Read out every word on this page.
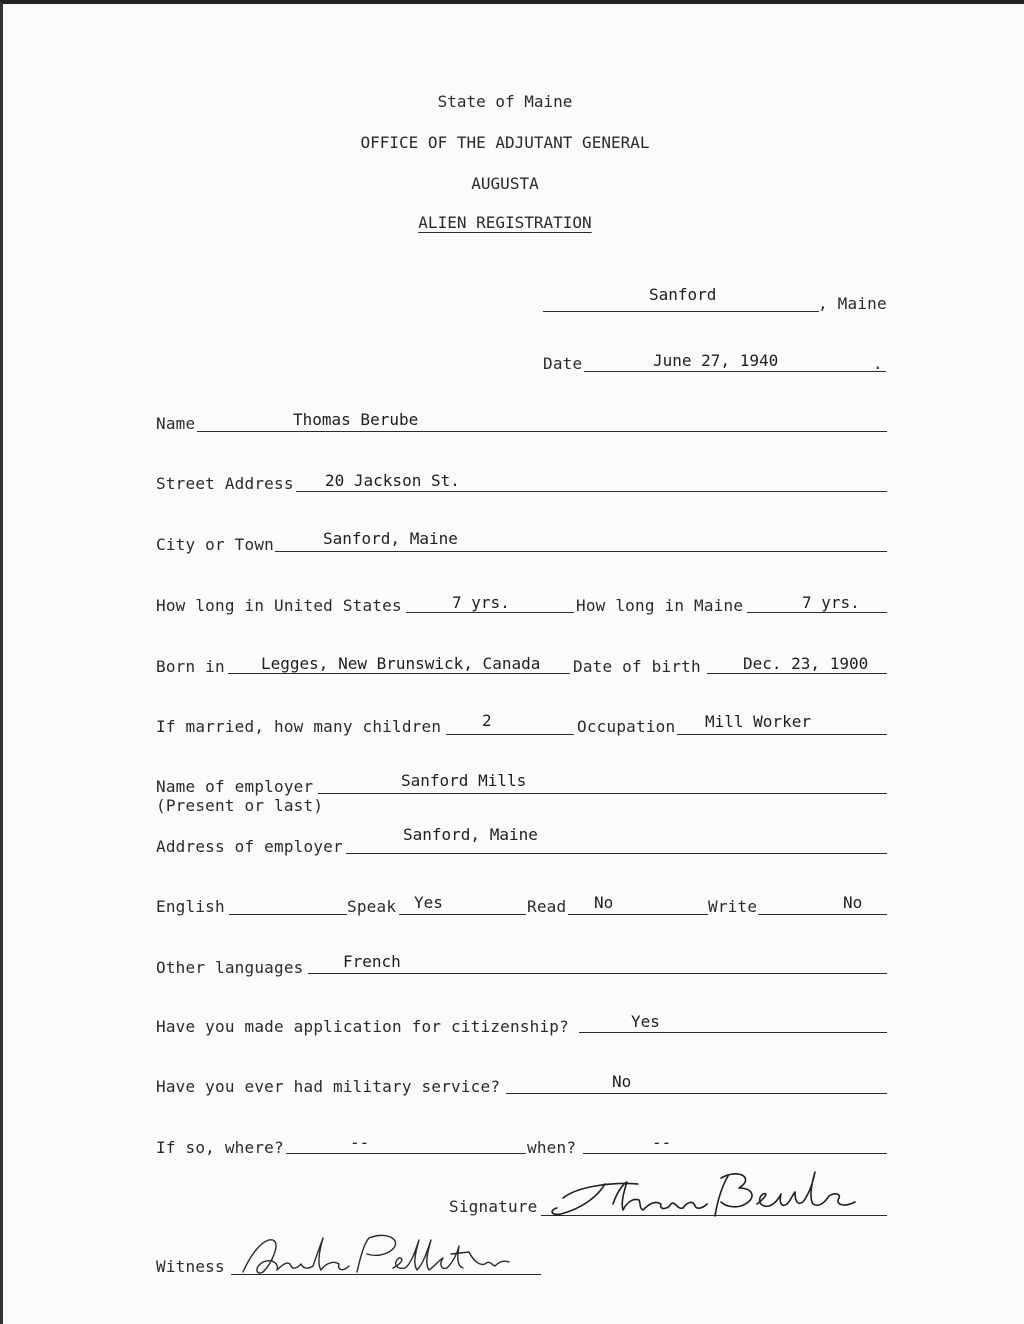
State of Maine
OFFICE OF THE ADJUTANT GENERAL
AUGUSTA
ALIEN REGISTRATION
Sanford	, Maine
Date	June 27, 1940	.
Name	Thomas Berube
Street Address 20 Jackson St.
City or Town	Sanford, Maine
How long in United States	7 yrs.	How long in Maine	7 yrs.
Born in Legges, New Brunswick, Canada Date of birth	Dec. 23, 1900
If married, how many children	2	Occupation Mill Worker
Name of employer
(Present or last)
Sanford Mills
Address of employer
Sanford, Maine
English	Speak Yes	Read No	Write	No
Other languages French
Have you made application for citizenship?	Yes
Have you ever had military service?	No
If so, where?	--	when?	--
Signature
Witness
